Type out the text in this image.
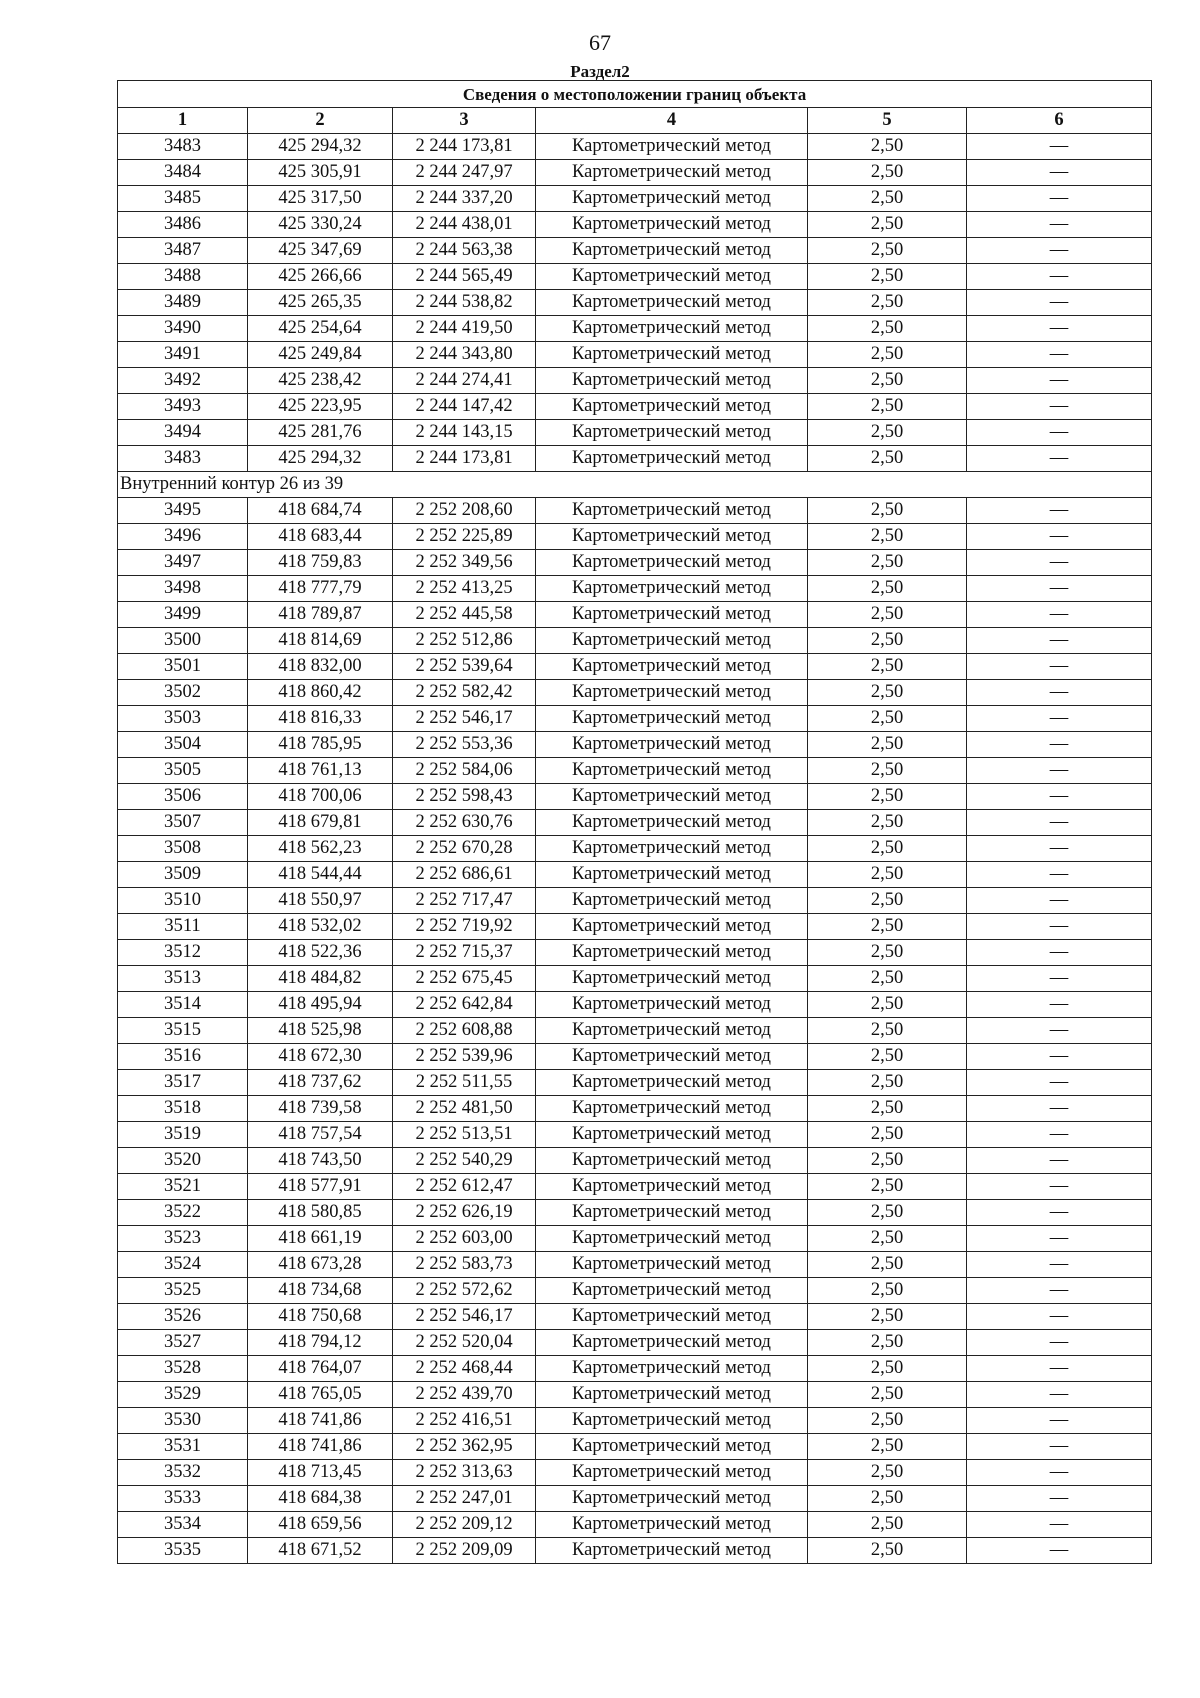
67
Раздел2
Сведения о местоположении границ объекта					
1	2	3	4	5	6
3483	425 294,32	2 244 173,81	Картометрический метод	2,50	—
3484	425 305,91	2 244 247,97	Картометрический метод	2,50	—
3485	425 317,50	2 244 337,20	Картометрический метод	2,50	—
3486	425 330,24	2 244 438,01	Картометрический метод	2,50	—
3487	425 347,69	2 244 563,38	Картометрический метод	2,50	—
3488	425 266,66	2 244 565,49	Картометрический метод	2,50	—
3489	425 265,35	2 244 538,82	Картометрический метод	2,50	—
3490	425 254,64	2 244 419,50	Картометрический метод	2,50	—
3491	425 249,84	2 244 343,80	Картометрический метод	2,50	—
3492	425 238,42	2 244 274,41	Картометрический метод	2,50	—
3493	425 223,95	2 244 147,42	Картометрический метод	2,50	—
3494	425 281,76	2 244 143,15	Картометрический метод	2,50	—
3483	425 294,32	2 244 173,81	Картометрический метод	2,50	—
Внутренний контур 26 из 39					
3495	418 684,74	2 252 208,60	Картометрический метод	2,50	—
3496	418 683,44	2 252 225,89	Картометрический метод	2,50	—
3497	418 759,83	2 252 349,56	Картометрический метод	2,50	—
3498	418 777,79	2 252 413,25	Картометрический метод	2,50	—
3499	418 789,87	2 252 445,58	Картометрический метод	2,50	—
3500	418 814,69	2 252 512,86	Картометрический метод	2,50	—
3501	418 832,00	2 252 539,64	Картометрический метод	2,50	—
3502	418 860,42	2 252 582,42	Картометрический метод	2,50	—
3503	418 816,33	2 252 546,17	Картометрический метод	2,50	—
3504	418 785,95	2 252 553,36	Картометрический метод	2,50	—
3505	418 761,13	2 252 584,06	Картометрический метод	2,50	—
3506	418 700,06	2 252 598,43	Картометрический метод	2,50	—
3507	418 679,81	2 252 630,76	Картометрический метод	2,50	—
3508	418 562,23	2 252 670,28	Картометрический метод	2,50	—
3509	418 544,44	2 252 686,61	Картометрический метод	2,50	—
3510	418 550,97	2 252 717,47	Картометрический метод	2,50	—
3511	418 532,02	2 252 719,92	Картометрический метод	2,50	—
3512	418 522,36	2 252 715,37	Картометрический метод	2,50	—
3513	418 484,82	2 252 675,45	Картометрический метод	2,50	—
3514	418 495,94	2 252 642,84	Картометрический метод	2,50	—
3515	418 525,98	2 252 608,88	Картометрический метод	2,50	—
3516	418 672,30	2 252 539,96	Картометрический метод	2,50	—
3517	418 737,62	2 252 511,55	Картометрический метод	2,50	—
3518	418 739,58	2 252 481,50	Картометрический метод	2,50	—
3519	418 757,54	2 252 513,51	Картометрический метод	2,50	—
3520	418 743,50	2 252 540,29	Картометрический метод	2,50	—
3521	418 577,91	2 252 612,47	Картометрический метод	2,50	—
3522	418 580,85	2 252 626,19	Картометрический метод	2,50	—
3523	418 661,19	2 252 603,00	Картометрический метод	2,50	—
3524	418 673,28	2 252 583,73	Картометрический метод	2,50	—
3525	418 734,68	2 252 572,62	Картометрический метод	2,50	—
3526	418 750,68	2 252 546,17	Картометрический метод	2,50	—
3527	418 794,12	2 252 520,04	Картометрический метод	2,50	—
3528	418 764,07	2 252 468,44	Картометрический метод	2,50	—
3529	418 765,05	2 252 439,70	Картометрический метод	2,50	—
3530	418 741,86	2 252 416,51	Картометрический метод	2,50	—
3531	418 741,86	2 252 362,95	Картометрический метод	2,50	—
3532	418 713,45	2 252 313,63	Картометрический метод	2,50	—
3533	418 684,38	2 252 247,01	Картометрический метод	2,50	—
3534	418 659,56	2 252 209,12	Картометрический метод	2,50	—
3535	418 671,52	2 252 209,09	Картометрический метод	2,50	—
